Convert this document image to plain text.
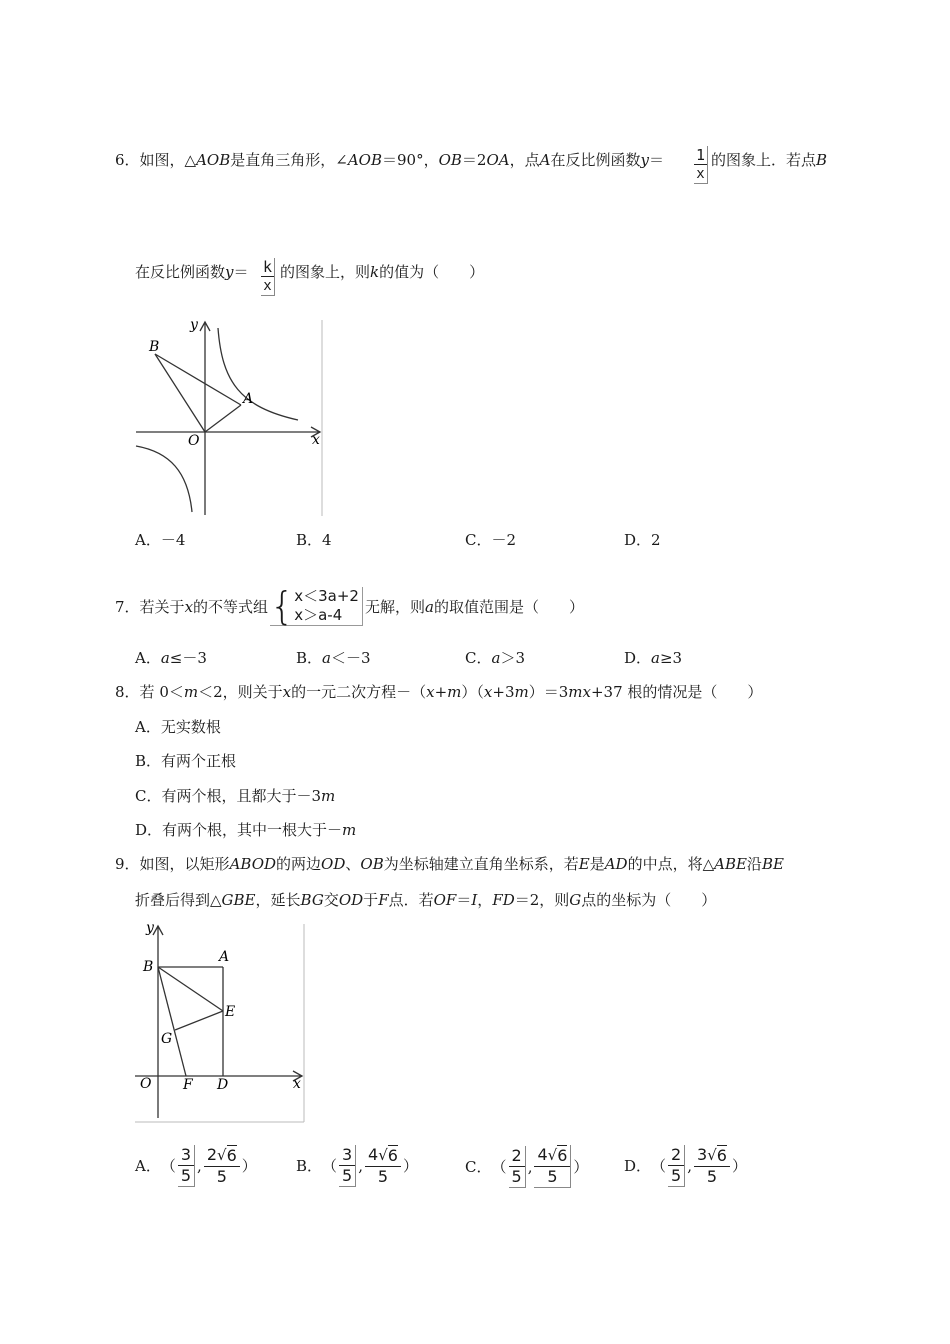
6．如图，△AOB是直角三角形，∠AOB＝90°，OB＝2OA，点A在反比例函数$y= \frac{1}{x}$ 的图象上．若点B
在反比例函数$y= \frac{k}{x}$ 的图象上，则k的值为（　　）
y
x
O
A
B
A．－4	B．4	C．－2	D．2
7． 若关于 x 的不等式组 { x＜3a+2
x＞a-4	无解，则 a 的取值范围是（　　）
A．a≤－3	B．a＜－3	C．a＞3	D．a≥3
8．若 0＜m＜2，则关于x的一元二次方程－（x+m）（x+3m）＝3mx+37 根的情况是（　　）
A．无实数根
B．有两个正根
C．有两个根，且都大于－3m
D．有两个根，其中一根大于－m
9．如图，以矩形ABOD的两边OD、OB为坐标轴建立直角坐标系，若E是AD的中点，将△ABE沿BE
折叠后得到△GBE，延长BG交OD于F点．若OF＝I，FD＝2，则G点的坐标为（　　）
y
x
O
A
B
E
G
F D
A． （
3
5 ,
2 √ 6
5
）	B． （
3
5 ,
4 √ 6
5
）	C． （
2
5 ,
4 √ 6
5
） D． （
2
5 ,
3 √ 6
5
）
